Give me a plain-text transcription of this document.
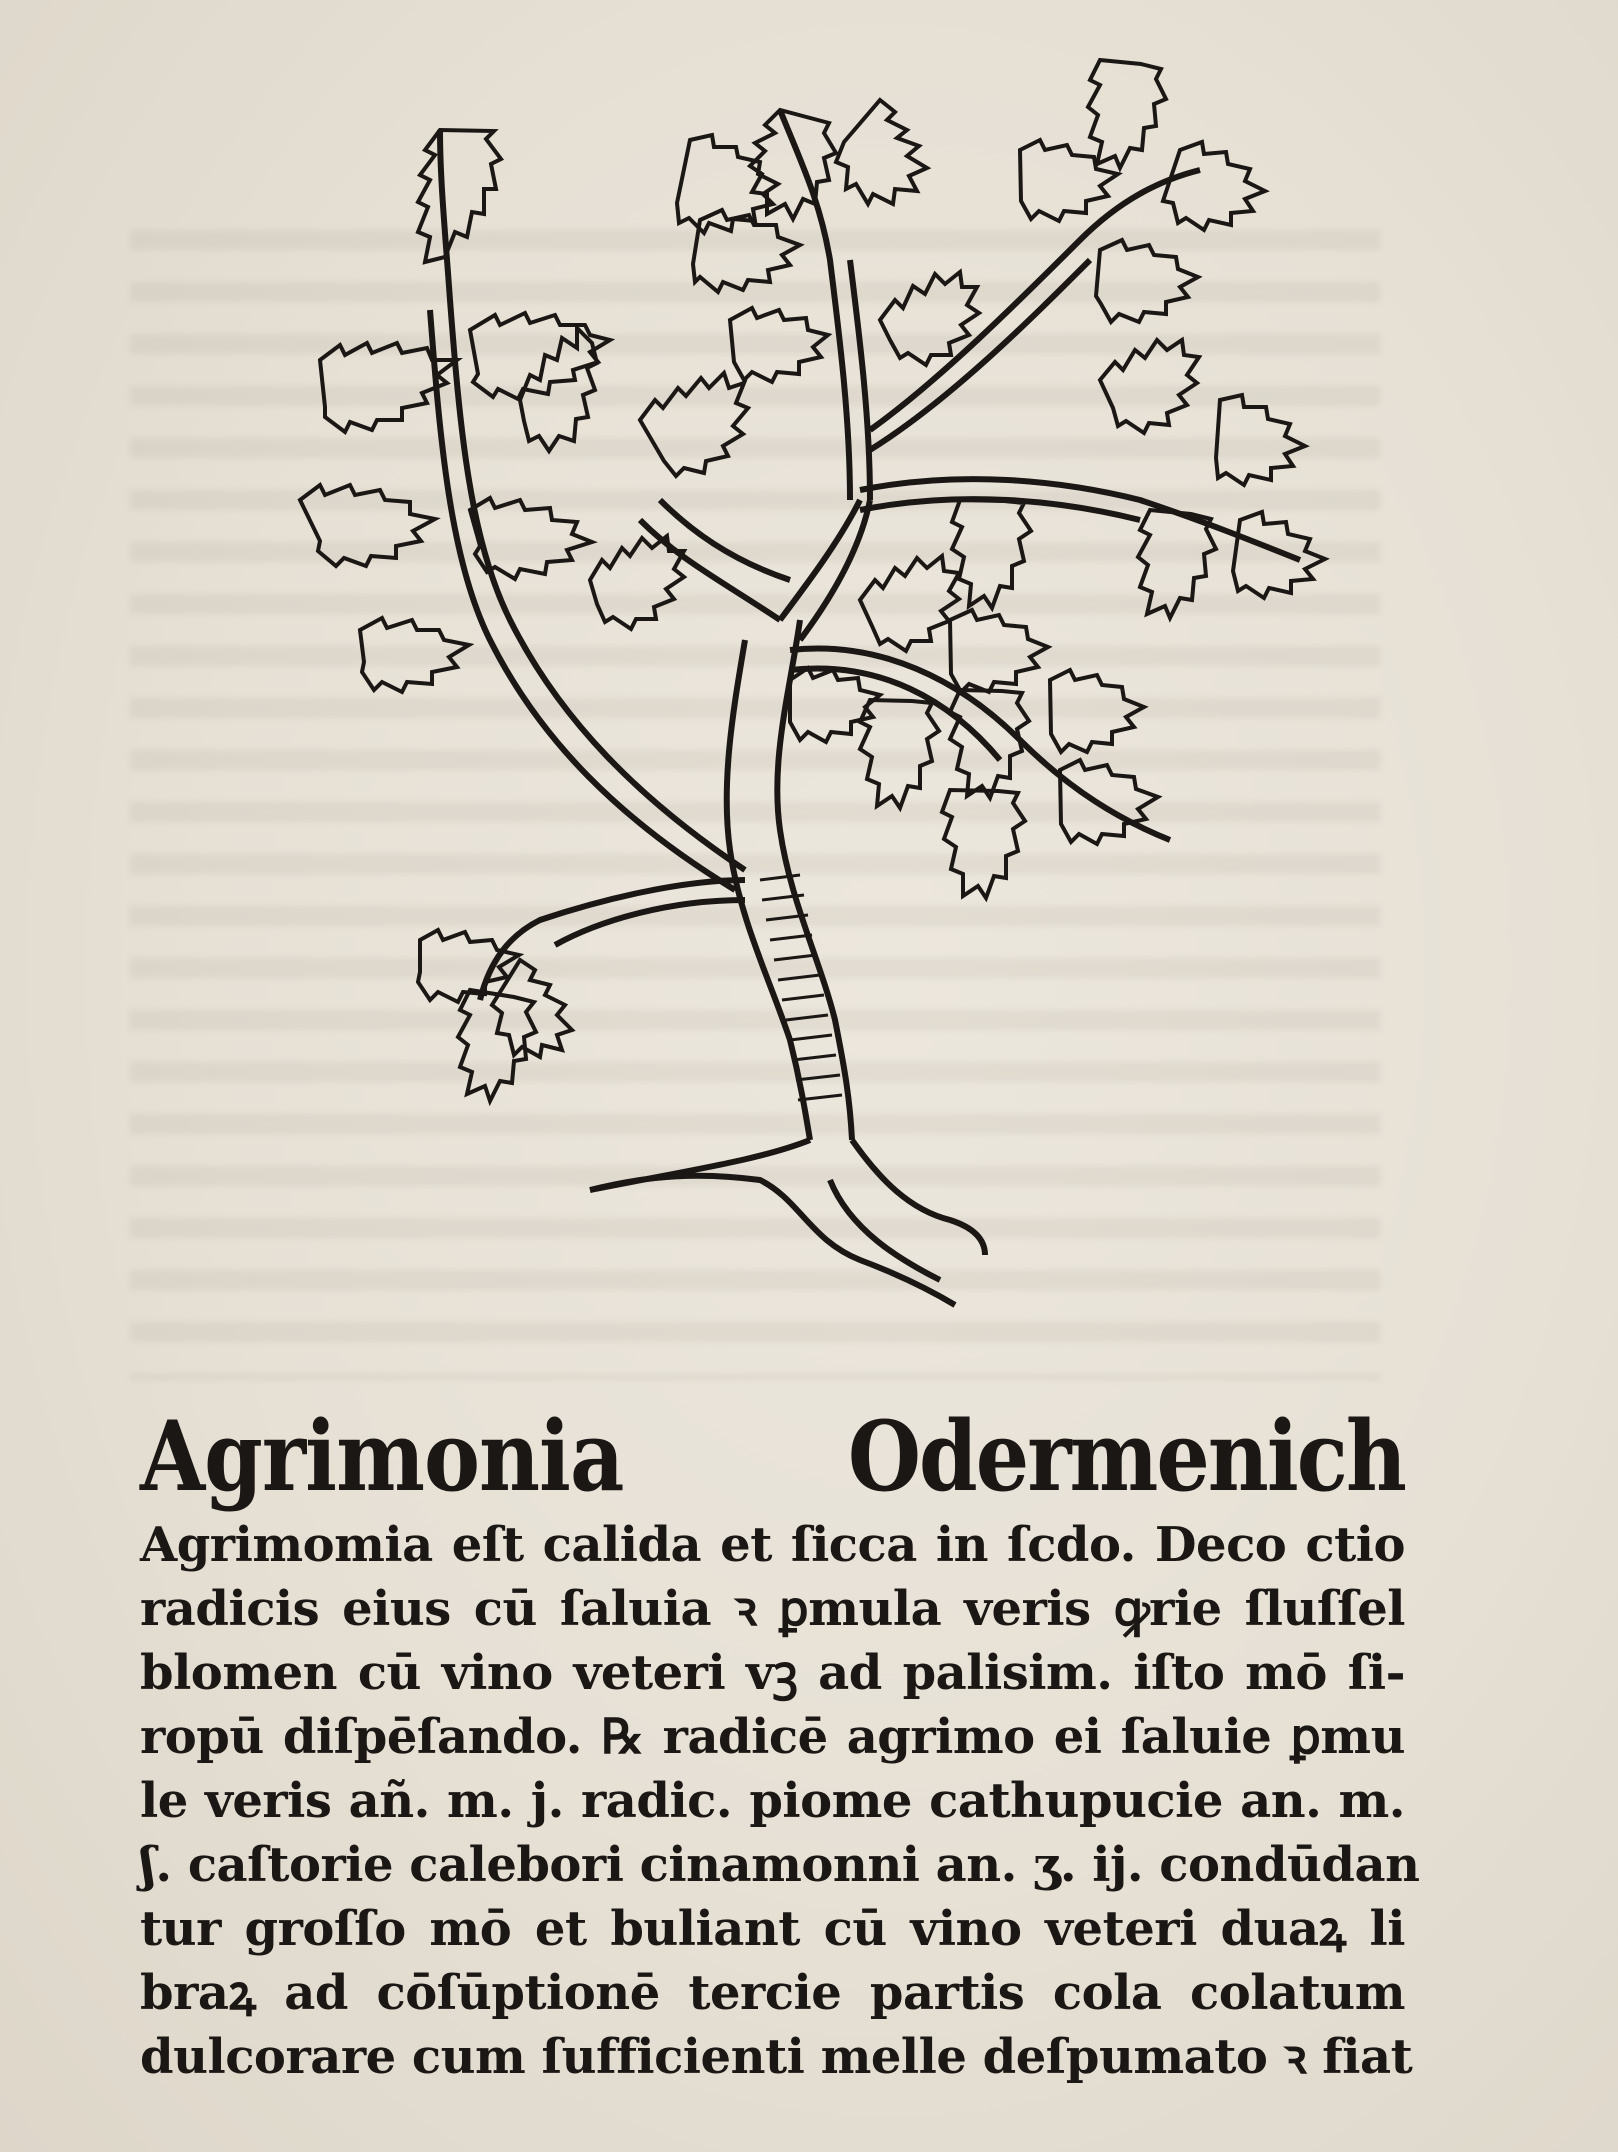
Agrimonia	Odermenich
Agrimomia eſt calida et ſicca in ſcdo. Deco ctio
radicis eius cū ſaluia ꝛ ꝑmula veris ꝙrie ſluſſel
blomen cū vino veteri vꝫ ad palisim. iſto mō ſi-
ropū diſpēſando. ℞ radicē agrimo ei ſaluie ꝑmu
le veris añ. m. j. radic. piome cathupucie an. m.
ʃ. caſtorie calebori cinamonni an. ʒ. ij. condūdan
tur groſſo mō et buliant cū vino veteri duaꝝ li
braꝝ ad cōſūptionē tercie partis cola colatum
dulcorare cum ſufficienti melle deſpumato ꝛ fiat
